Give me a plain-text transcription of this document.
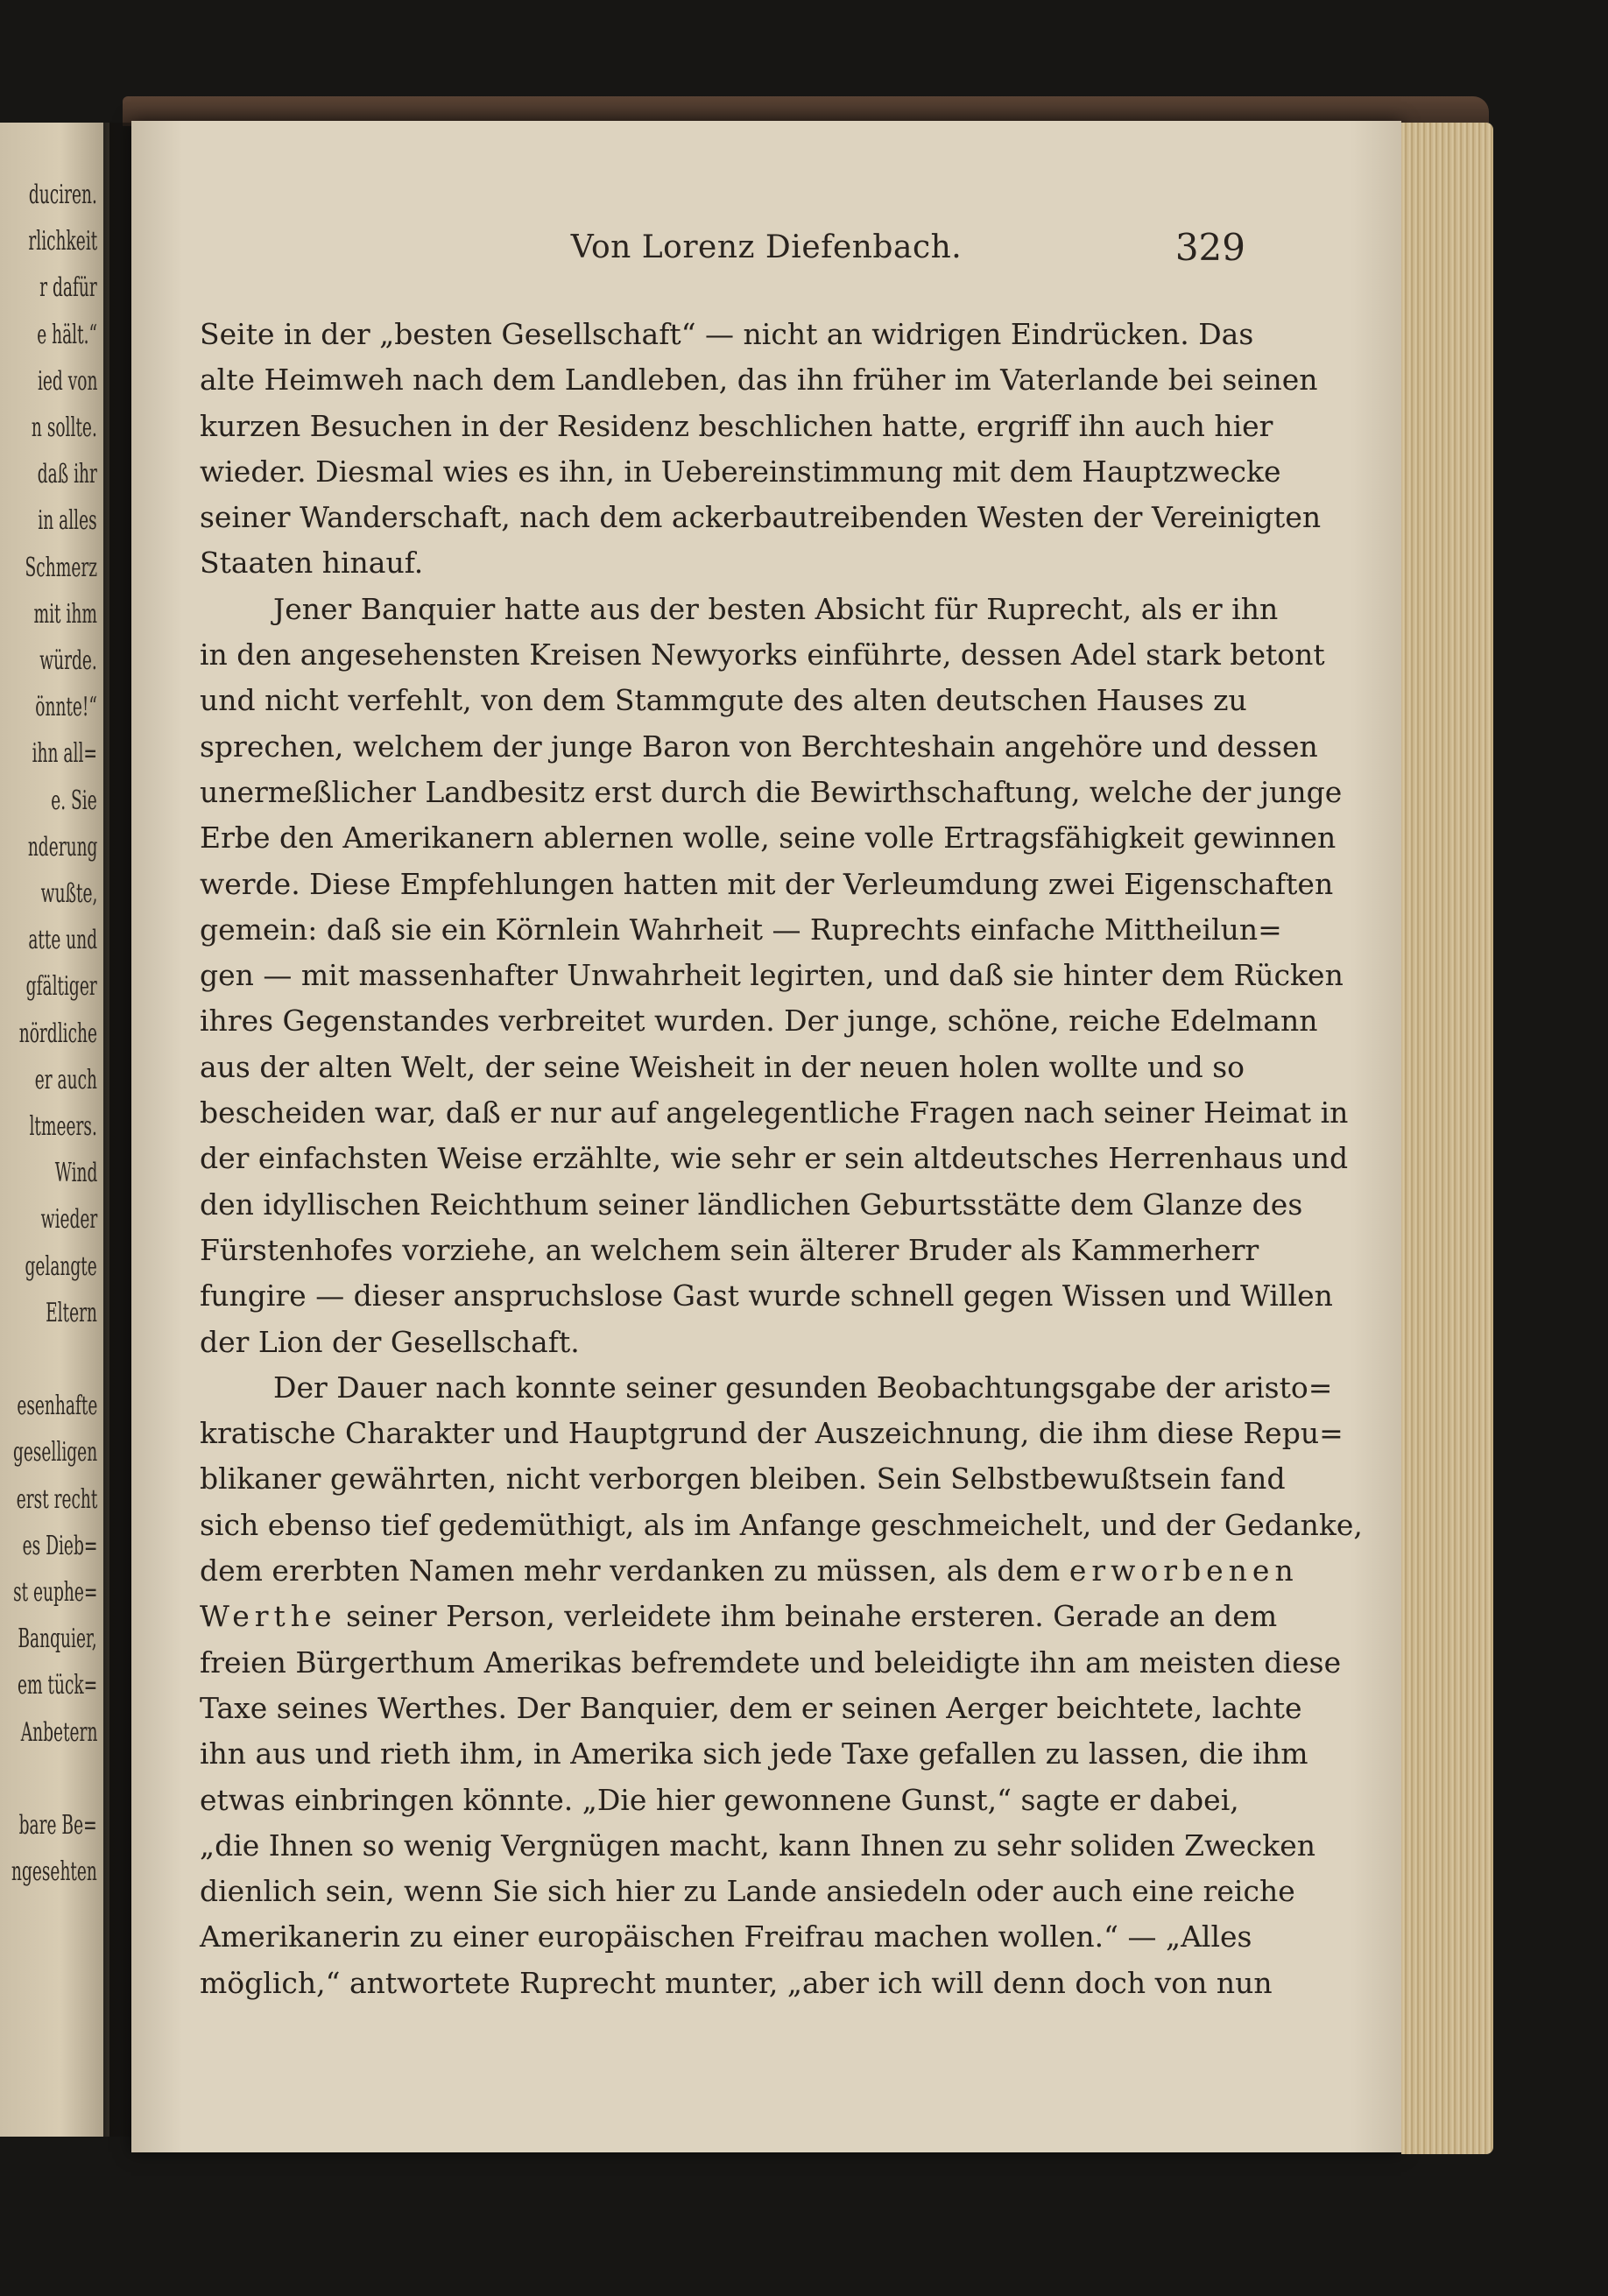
duciren.
rlichkeit
r dafür
e hält.“
ied von
n sollte.
daß ihr
in alles
Schmerz
mit ihm
würde.
önnte!“
ihn all=
e. Sie
nderung
wußte,
atte und
gfältiger
nördliche
er auch
ltmeers.
Wind
wieder
gelangte
Eltern
esenhafte
geselligen
erst recht
es Dieb=
st euphe=
Banquier,
em tück=
Anbetern
bare Be=
ngesehten
Von Lorenz Diefenbach.	329
Seite in der „besten Gesellschaft“ — nicht an widrigen Eindrücken. Das
alte Heimweh nach dem Landleben, das ihn früher im Vaterlande bei seinen
kurzen Besuchen in der Residenz beschlichen hatte, ergriff ihn auch hier
wieder. Diesmal wies es ihn, in Uebereinstimmung mit dem Hauptzwecke
seiner Wanderschaft, nach dem ackerbautreibenden Westen der Vereinigten
Staaten hinauf.
Jener Banquier hatte aus der besten Absicht für Ruprecht, als er ihn
in den angesehensten Kreisen Newyorks einführte, dessen Adel stark betont
und nicht verfehlt, von dem Stammgute des alten deutschen Hauses zu
sprechen, welchem der junge Baron von Berchteshain angehöre und dessen
unermeßlicher Landbesitz erst durch die Bewirthschaftung, welche der junge
Erbe den Amerikanern ablernen wolle, seine volle Ertragsfähigkeit gewinnen
werde. Diese Empfehlungen hatten mit der Verleumdung zwei Eigenschaften
gemein: daß sie ein Körnlein Wahrheit — Ruprechts einfache Mittheilun=
gen — mit massenhafter Unwahrheit legirten, und daß sie hinter dem Rücken
ihres Gegenstandes verbreitet wurden. Der junge, schöne, reiche Edelmann
aus der alten Welt, der seine Weisheit in der neuen holen wollte und so
bescheiden war, daß er nur auf angelegentliche Fragen nach seiner Heimat in
der einfachsten Weise erzählte, wie sehr er sein altdeutsches Herrenhaus und
den idyllischen Reichthum seiner ländlichen Geburtsstätte dem Glanze des
Fürstenhofes vorziehe, an welchem sein älterer Bruder als Kammerherr
fungire — dieser anspruchslose Gast wurde schnell gegen Wissen und Willen
der Lion der Gesellschaft.
Der Dauer nach konnte seiner gesunden Beobachtungsgabe der aristo=
kratische Charakter und Hauptgrund der Auszeichnung, die ihm diese Repu=
blikaner gewährten, nicht verborgen bleiben. Sein Selbstbewußtsein fand
sich ebenso tief gedemüthigt, als im Anfange geschmeichelt, und der Gedanke,
dem ererbten Namen mehr verdanken zu müssen, als dem erworbenen
Werthe seiner Person, verleidete ihm beinahe ersteren. Gerade an dem
freien Bürgerthum Amerikas befremdete und beleidigte ihn am meisten diese
Taxe seines Werthes. Der Banquier, dem er seinen Aerger beichtete, lachte
ihn aus und rieth ihm, in Amerika sich jede Taxe gefallen zu lassen, die ihm
etwas einbringen könnte. „Die hier gewonnene Gunst,“ sagte er dabei,
„die Ihnen so wenig Vergnügen macht, kann Ihnen zu sehr soliden Zwecken
dienlich sein, wenn Sie sich hier zu Lande ansiedeln oder auch eine reiche
Amerikanerin zu einer europäischen Freifrau machen wollen.“ — „Alles
möglich,“ antwortete Ruprecht munter, „aber ich will denn doch von nun
